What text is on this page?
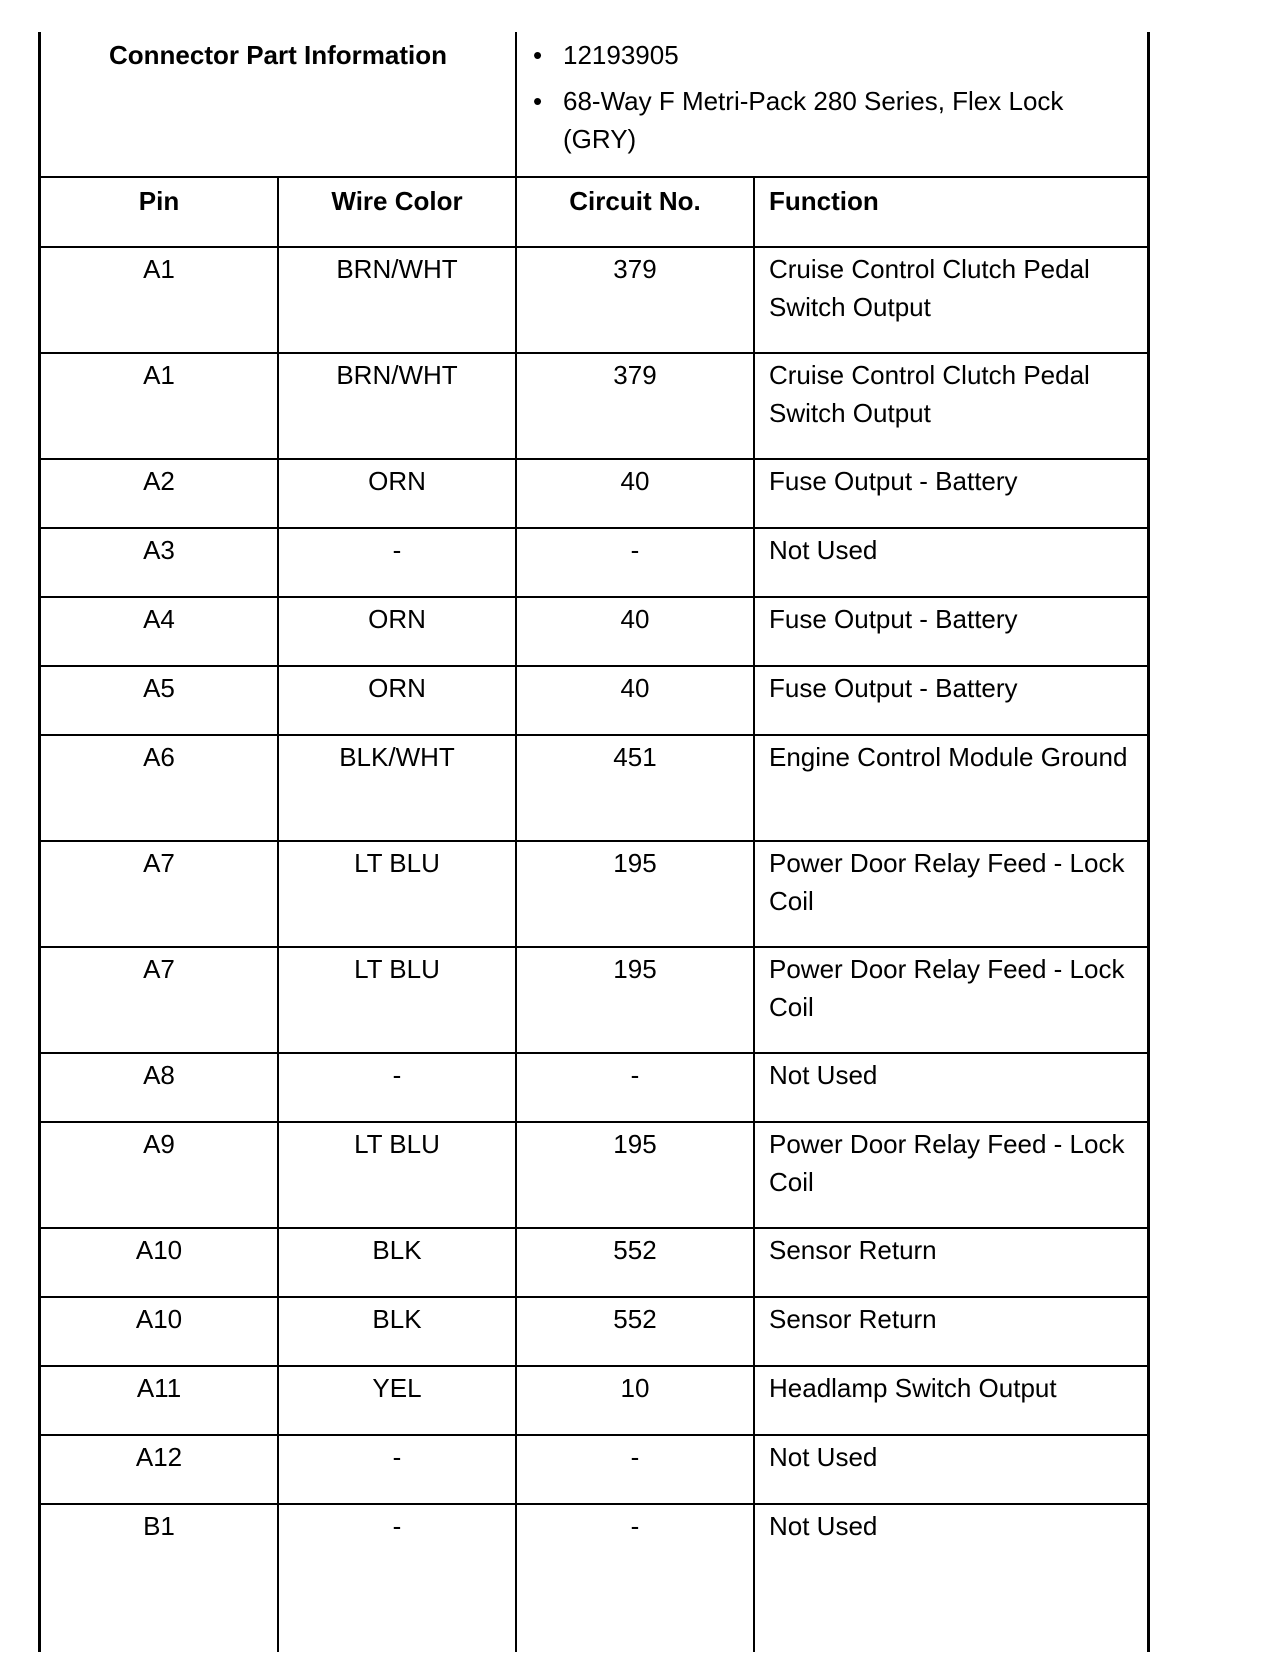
Connector Part Information
•	12193905
• 68-Way F Metri-Pack 280 Series, Flex Lock (GRY)
Pin	Wire Color	Circuit No.	Function
A1	BRN/WHT	379	Cruise Control Clutch Pedal Switch Output
A1	BRN/WHT	379	Cruise Control Clutch Pedal Switch Output
A2	ORN	40	Fuse Output - Battery
A3	-	-	Not Used
A4	ORN	40	Fuse Output - Battery
A5	ORN	40	Fuse Output - Battery
A6	BLK/WHT	451	Engine Control Module Ground
A7	LT BLU	195	Power Door Relay Feed - Lock Coil
A7	LT BLU	195	Power Door Relay Feed - Lock Coil
A8	-	-	Not Used
A9	LT BLU	195	Power Door Relay Feed - Lock Coil
A10	BLK	552	Sensor Return
A10	BLK	552	Sensor Return
A11	YEL	10	Headlamp Switch Output
A12	-	-	Not Used
B1	-	-	Not Used
